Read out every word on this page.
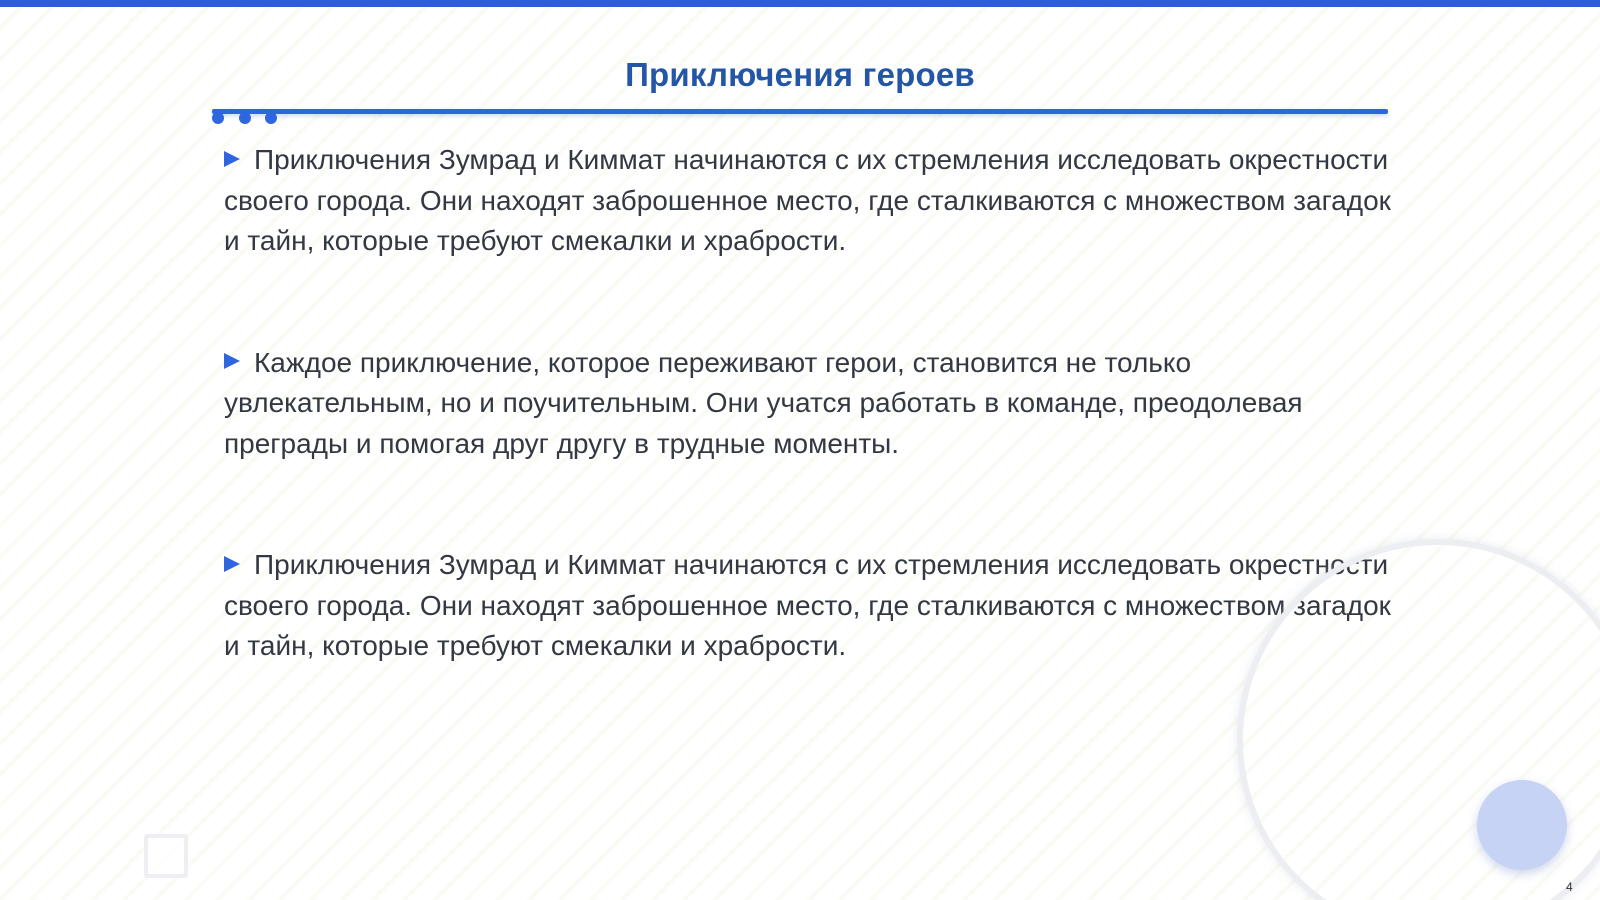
Приключения героев
Приключения Зумрад и Киммат начинаются с их стремления исследовать окрестности своего города. Они находят заброшенное место, где сталкиваются с множеством загадок и тайн, которые требуют смекалки и храбрости.
Каждое приключение, которое переживают герои, становится не только увлекательным, но и поучительным. Они учатся работать в команде, преодолевая преграды и помогая друг другу в трудные моменты.
Приключения Зумрад и Киммат начинаются с их стремления исследовать окрестности своего города. Они находят заброшенное место, где сталкиваются с множеством загадок и тайн, которые требуют смекалки и храбрости.
4
